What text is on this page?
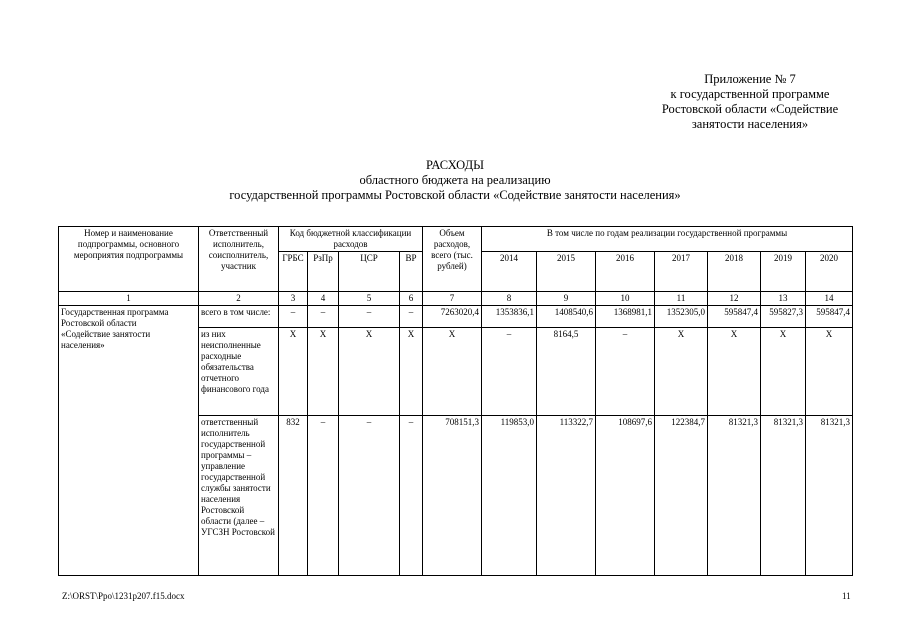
Приложение № 7
к государственной программе
Ростовской области «Содействие
занятости населения»
РАСХОДЫ
областного бюджета на реализацию
государственной программы Ростовской области «Содействие занятости населения»
Номер и наименование подпрограммы, основного мероприятия подпрограммы	Ответственный исполнитель, соисполнитель, участник	Код бюджетной классификации расходов				Объем расходов, всего (тыс. рублей)	В том числе по годам реализации государственной программы						
		ГРБС	РзПр	ЦСР	ВР		2014	2015	2016	2017	2018	2019	2020
1	2	3	4	5	6	7	8	9	10	11	12	13	14

Государственная программа Ростовской области
«Содействие занятости населения»	всего в том числе:	–	–	–	–	7263020,4	1353836,1	1408540,6	1368981,1	1352305,0	595847,4	595827,3	595847,4
	из них неисполненные расходные обязательства отчетного финансового года	Х	Х	Х	Х	Х	–	8164,5	–	Х	Х	Х	Х
	ответственный исполнитель государственной программы – управление государственной службы занятости населения Ростовской области (далее – УГСЗН Ростовской	832	–	–	–	708151,3	119853,0	113322,7	108697,6	122384,7	81321,3	81321,3	81321,3
Z:\ORST\Ppo\1231p207.f15.docx	11
